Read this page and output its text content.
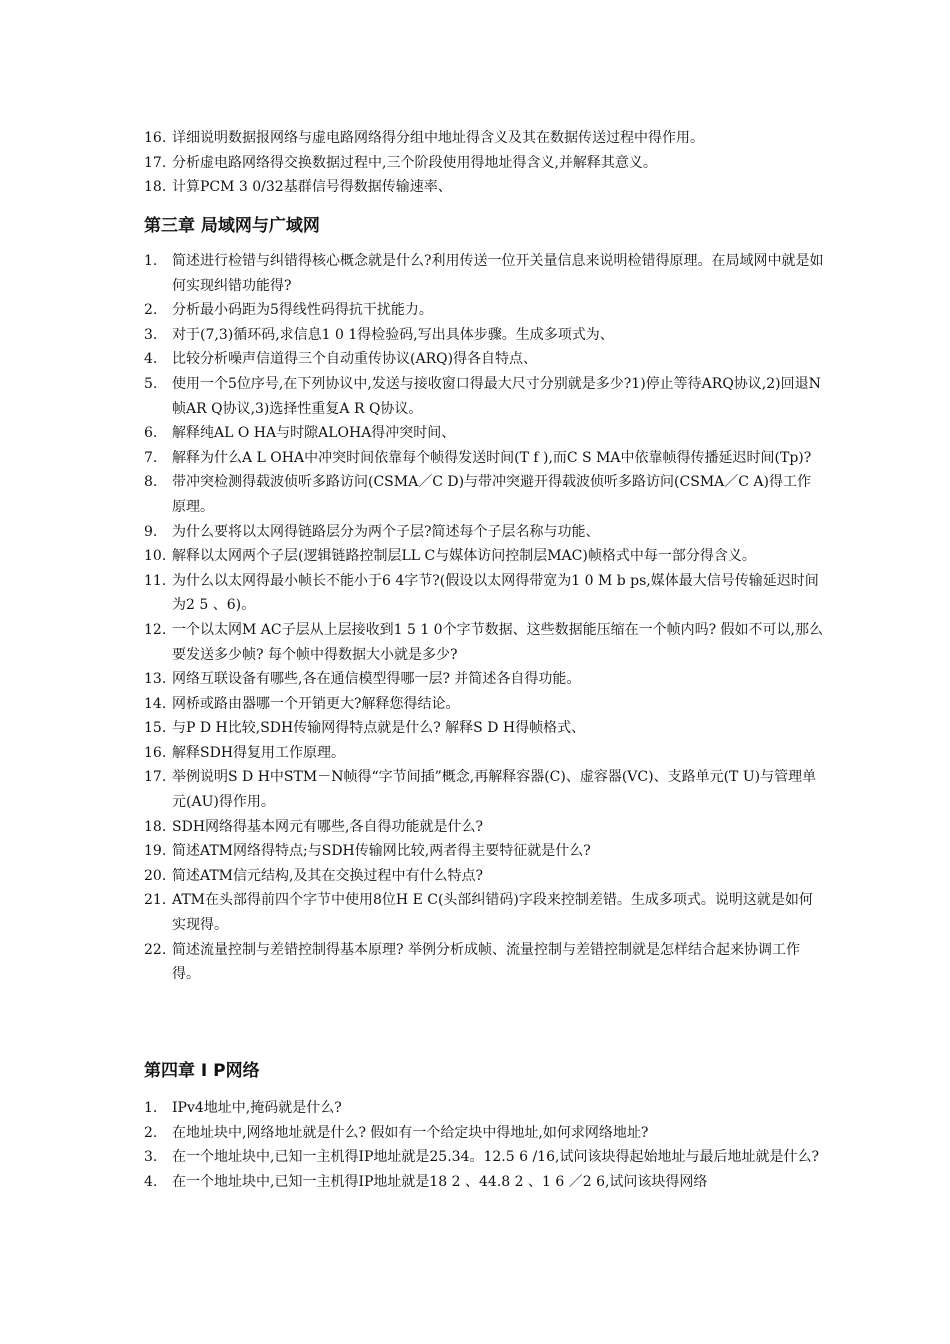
16. 详细说明数据报网络与虚电路网络得分组中地址得含义及其在数据传送过程中得作用。
17. 分析虚电路网络得交换数据过程中,三个阶段使用得地址得含义,并解释其意义。
18. 计算PCM 3 0/32基群信号得数据传输速率、
第三章 局域网与广域网
1.	简述进行检错与纠错得核心概念就是什么?利用传送一位开关量信息来说明检错得原理。在局域网中就是如何实现纠错功能得?
2.	分析最小码距为5得线性码得抗干扰能力。
3.	对于(7,3)循环码,求信息1 0 1得检验码,写出具体步骤。生成多项式为、
4.	比较分析噪声信道得三个自动重传协议(ARQ)得各自特点、
5.	使用一个5位序号,在下列协议中,发送与接收窗口得最大尺寸分别就是多少?1)停止等待ARQ协议,2)回退N帧AR Q协议,3)选择性重复A R Q协议。
6.	解释纯AL O HA与时隙ALOHA得冲突时间、
7.	解释为什么A L OHA中冲突时间依靠每个帧得发送时间(T f ),而C S MA中依靠帧得传播延迟时间(Tp)?
8.	带冲突检测得载波侦听多路访问(CSMA／C D)与带冲突避开得载波侦听多路访问(CSMA／C A)得工作原理。
9.	为什么要将以太网得链路层分为两个子层?简述每个子层名称与功能、
10. 解释以太网两个子层(逻辑链路控制层LL C与媒体访问控制层MAC)帧格式中每一部分得含义。
11. 为什么以太网得最小帧长不能小于6 4字节?(假设以太网得带宽为1 0 M b ps,媒体最大信号传输延迟时间为2 5 、6)。
12. 一个以太网M AC子层从上层接收到1 5 1 0个字节数据、这些数据能压缩在一个帧内吗? 假如不可以,那么要发送多少帧? 每个帧中得数据大小就是多少?
13. 网络互联设备有哪些,各在通信模型得哪一层? 并简述各自得功能。
14. 网桥或路由器哪一个开销更大?解释您得结论。
15. 与P D H比较,SDH传输网得特点就是什么? 解释S D H得帧格式、
16. 解释SDH得复用工作原理。
17. 举例说明S D H中STM－N帧得“字节间插”概念,再解释容器(C)、虚容器(VC)、支路单元(T U)与管理单元(AU)得作用。
18. SDH网络得基本网元有哪些,各自得功能就是什么?
19. 简述ATM网络得特点;与SDH传输网比较,两者得主要特征就是什么?
20. 简述ATM信元结构,及其在交换过程中有什么特点?
21. ATM在头部得前四个字节中使用8位H E C(头部纠错码)字段来控制差错。生成多项式。说明这就是如何实现得。
22. 简述流量控制与差错控制得基本原理? 举例分析成帧、流量控制与差错控制就是怎样结合起来协调工作得。
第四章 I P网络
1.	IPv4地址中,掩码就是什么?
2.	在地址块中,网络地址就是什么? 假如有一个给定块中得地址,如何求网络地址?
3.	在一个地址块中,已知一主机得IP地址就是25.34。12.5 6 /16,试问该块得起始地址与最后地址就是什么?
4.	在一个地址块中,已知一主机得IP地址就是18 2 、44.8 2 、1 6 ／2 6,试问该块得网络
